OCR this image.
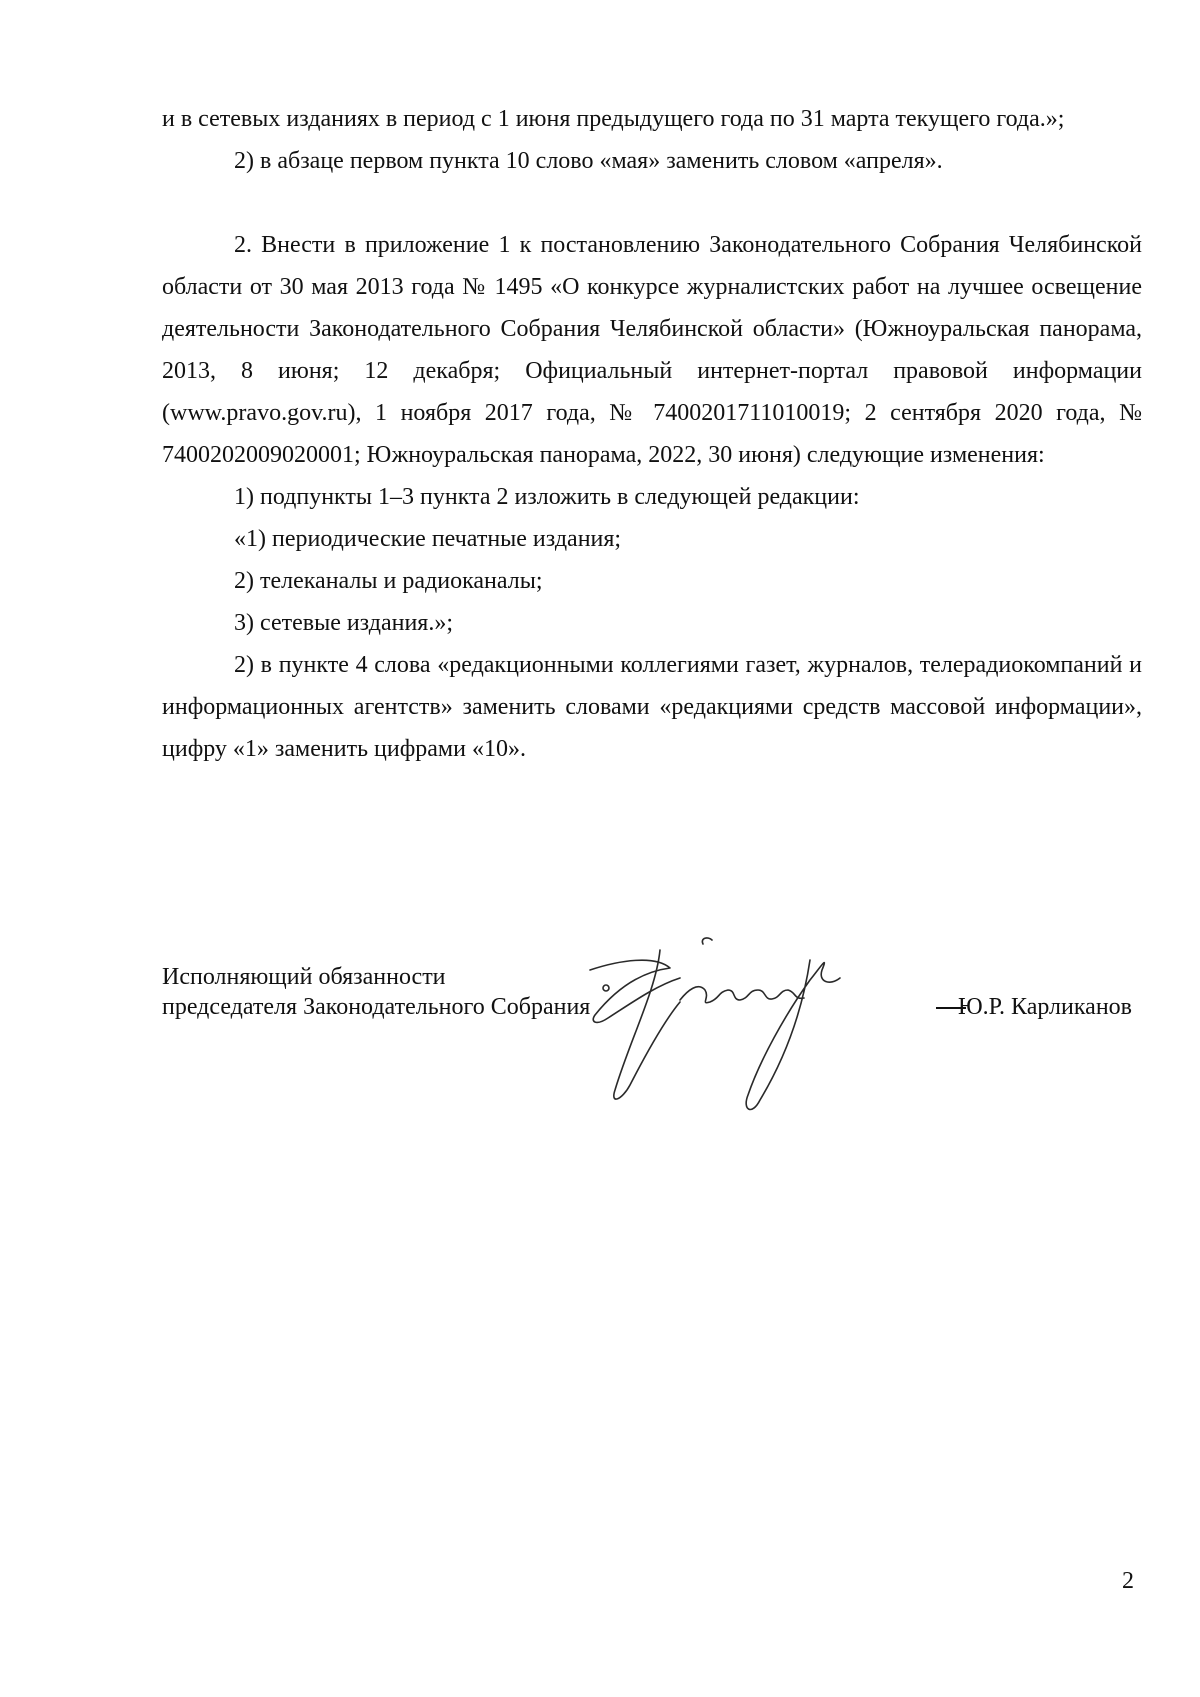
и в сетевых изданиях в период с 1 июня предыдущего года по 31 марта текущего года.»;

2) в абзаце первом пункта 10 слово «мая» заменить словом «апреля».

2. Внести в приложение 1 к постановлению Законодательного Собрания Челябинской области от 30 мая 2013 года № 1495 «О конкурсе журналистских работ на лучшее освещение деятельности Законодательного Собрания Челябинской области» (Южноуральская панорама, 2013, 8 июня; 12 декабря; Официальный интернет-портал правовой информации (www.pravo.gov.ru), 1 ноября 2017 года, № 7400201711010019; 2 сентября 2020 года, № 7400202009020001; Южноуральская панорама, 2022, 30 июня) следующие изменения:

1) подпункты 1–3 пункта 2 изложить в следующей редакции:

«1) периодические печатные издания;

2) телеканалы и радиоканалы;

3) сетевые издания.»;

2) в пункте 4 слова «редакционными коллегиями газет, журналов, телерадиокомпаний и информационных агентств» заменить словами «редакциями средств массовой информации», цифру «1» заменить цифрами «10».

Исполняющий обязанности
председателя Законодательного Собрания	Ю.Р. Карликанов
2
